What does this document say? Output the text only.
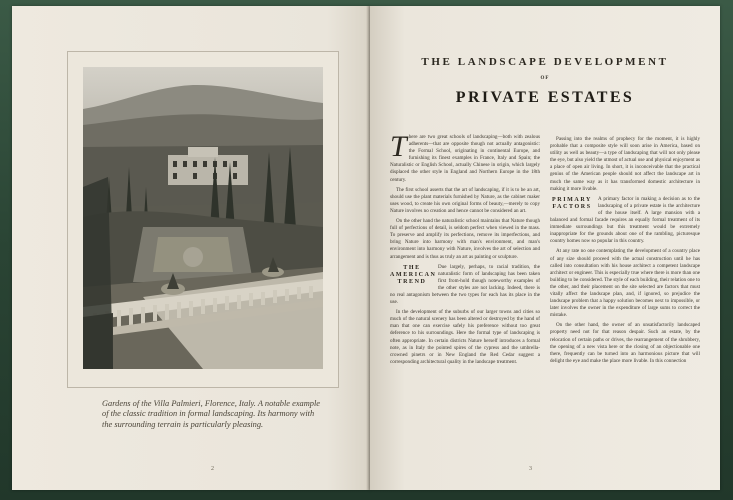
Gardens of the Villa Palmieri, Florence, Italy. A notable example of the classic tradition in formal landscaping. Its harmony with the surrounding terrain is particularly pleasing.
2
THE LANDSCAPE DEVELOPMENT
OF
PRIVATE ESTATES

There are two great schools of landscaping—both with zealous adherents—that are opposite though not actually antagonistic: the Formal School, originating in continental Europe, and furnishing its finest examples in France, Italy and Spain; the Naturalistic or English School, actually Chinese in origin, which largely displaced the other style in England and Northern Europe in the 18th century.

The first school asserts that the art of landscaping, if it is to be an art, should use the plant materials furnished by Nature, as the cabinet maker uses wood, to create his own original forms of beauty,—merely to copy Nature involves no creation and hence cannot be considered an art.

On the other hand the naturalistic school maintains that Nature though full of perfections of detail, is seldom perfect when viewed in the mass. To preserve and amplify its perfections, remove its imperfections, and bring Nature into harmony with man's environment, and man's environment into harmony with Nature, involves the art of selection and arrangement and is thus as truly an art as painting or sculpture.

THE
AMERICAN
TREND
Due largely, perhaps, to racial tradition, the naturalistic form of landscaping has been taken first from-hold though noteworthy examples of the other styles are not lacking. Indeed, there is no real antagonism between the two types for each has its place in the use.

In the development of the suburbs of our larger towns and cities so much of the natural scenery has been altered or destroyed by the hand of man that one can exercise safely his preference without too great deference to his surroundings. Here the formal type of landscaping is often appropriate. In certain districts Nature herself introduces a formal note, as in Italy the pointed spires of the cypress and the umbrella-crowned pinetrs or in New England the Red Cedar suggest a corresponding architectural quality in the landscape treatment.

Passing into the realms of prophecy for the moment, it is highly probable that a composite style will soon arise in America, based on utility as well as beauty—a type of landscaping that will not only please the eye, but also yield the utmost of actual use and physical enjoyment as a place of open air living. In short, it is inconceivable that the practical genius of the American people should not affect the landscape art in much the same way as it has transformed domestic architecture in making it more livable.

PRIMARY
FACTORS
A primary factor in making a decision as to the landscaping of a private estate is the architecture of the house itself. A large mansion with a balanced and formal facade requires an equally formal treatment of its immediate surroundings but this treatment would be extremely inappropriate for the grounds about one of the rambling, picturesque country homes now so popular in this country.

At any rate no one contemplating the development of a country place of any size should proceed with the actual construction until he has called into consultation with his house architect a competent landscape architect or engineer. This is especially true where there is more than one building to be considered. The style of each building, their relation one to the other, and their placement on the site selected are factors that must vitally affect the landscape plan, and, if ignored, so prejudice the landscape problem that a happy solution becomes next to impossible, or later involves the owner in the expenditure of large sums to correct the mistake.

On the other hand, the owner of an unsatisfactorily landscaped property need not for that reason despair. Such an estate, by the relocation of certain paths or drives, the rearrangement of the shrubbery, the opening of a new vista here or the closing of an objectionable one there, frequently can be turned into an harmonious picture that will delight the eye and make the place more livable. In this connection

3
